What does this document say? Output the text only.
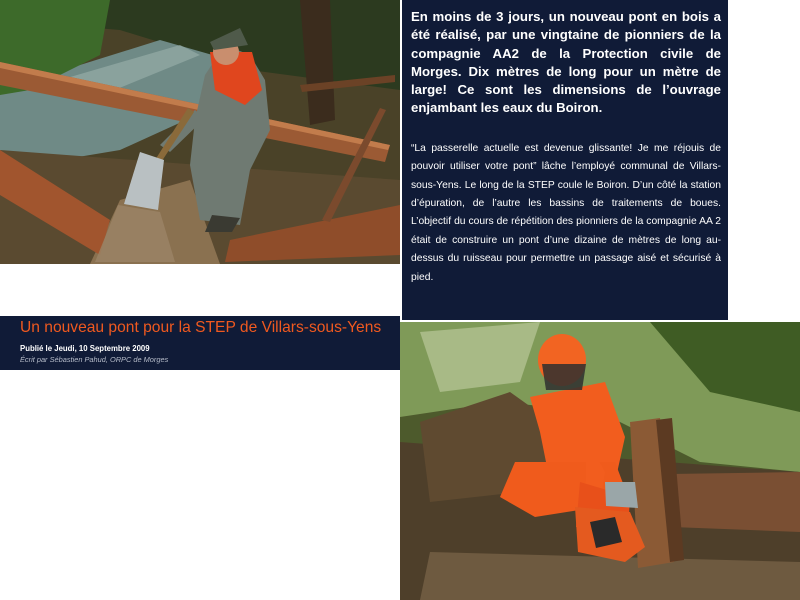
En moins de 3 jours, un nouveau pont en bois a été réalisé, par une vingtaine de pionniers de la compagnie AA2 de la Protection civile de Morges. Dix mètres de long pour un mètre de large! Ce sont les dimensions de l’ouvrage enjambant les eaux du Boiron.

“La passerelle actuelle est devenue glissante! Je me réjouis de pouvoir utiliser votre pont” lâche l’employé communal de Villars-sous-Yens. Le long de la STEP coule le Boiron. D’un côté la station d’épuration, de l’autre les bassins de traitements de boues. L’objectif du cours de répétition des pionniers de la compagnie AA 2 était de construire un pont d’une dizaine de mètres de long au-dessus du ruisseau pour permettre un passage aisé et sécurisé à pied.

Un nouveau pont pour la STEP de Villars-sous-Yens
Publié le Jeudi, 10 Septembre 2009
Écrit par Sébastien Pahud, ORPC de Morges
